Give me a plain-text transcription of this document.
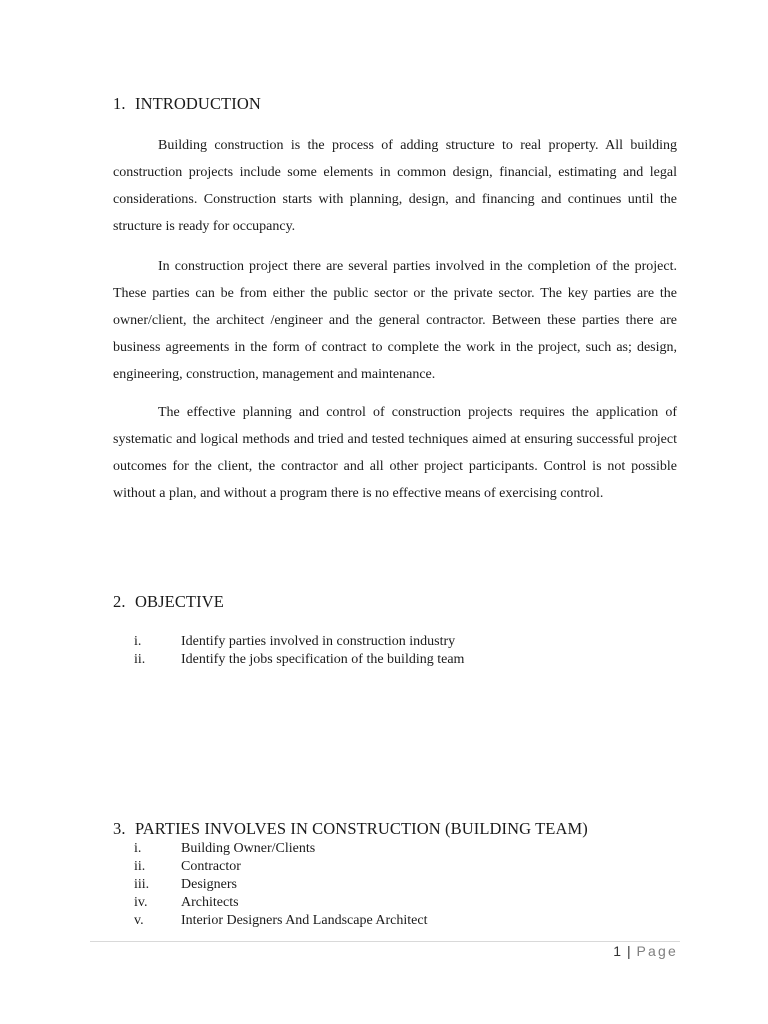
1. INTRODUCTION

Building construction is the process of adding structure to real property. All building construction projects include some elements in common design, financial, estimating and legal considerations. Construction starts with planning, design, and financing and continues until the structure is ready for occupancy.

In construction project there are several parties involved in the completion of the project. These parties can be from either the public sector or the private sector. The key parties are the owner/client, the architect /engineer and the general contractor. Between these parties there are business agreements in the form of contract to complete the work in the project, such as; design, engineering, construction, management and maintenance.

The effective planning and control of construction projects requires the application of systematic and logical methods and tried and tested techniques aimed at ensuring successful project outcomes for the client, the contractor and all other project participants. Control is not possible without a plan, and without a program there is no effective means of exercising control.

2. OBJECTIVE
i.	Identify parties involved in construction industry
ii.	Identify the jobs specification of the building team
3. PARTIES INVOLVES IN CONSTRUCTION (BUILDING TEAM)
i.	Building Owner/Clients
ii.	Contractor
iii.	Designers
iv.	Architects
v.	Interior Designers And Landscape Architect
1 | Page
